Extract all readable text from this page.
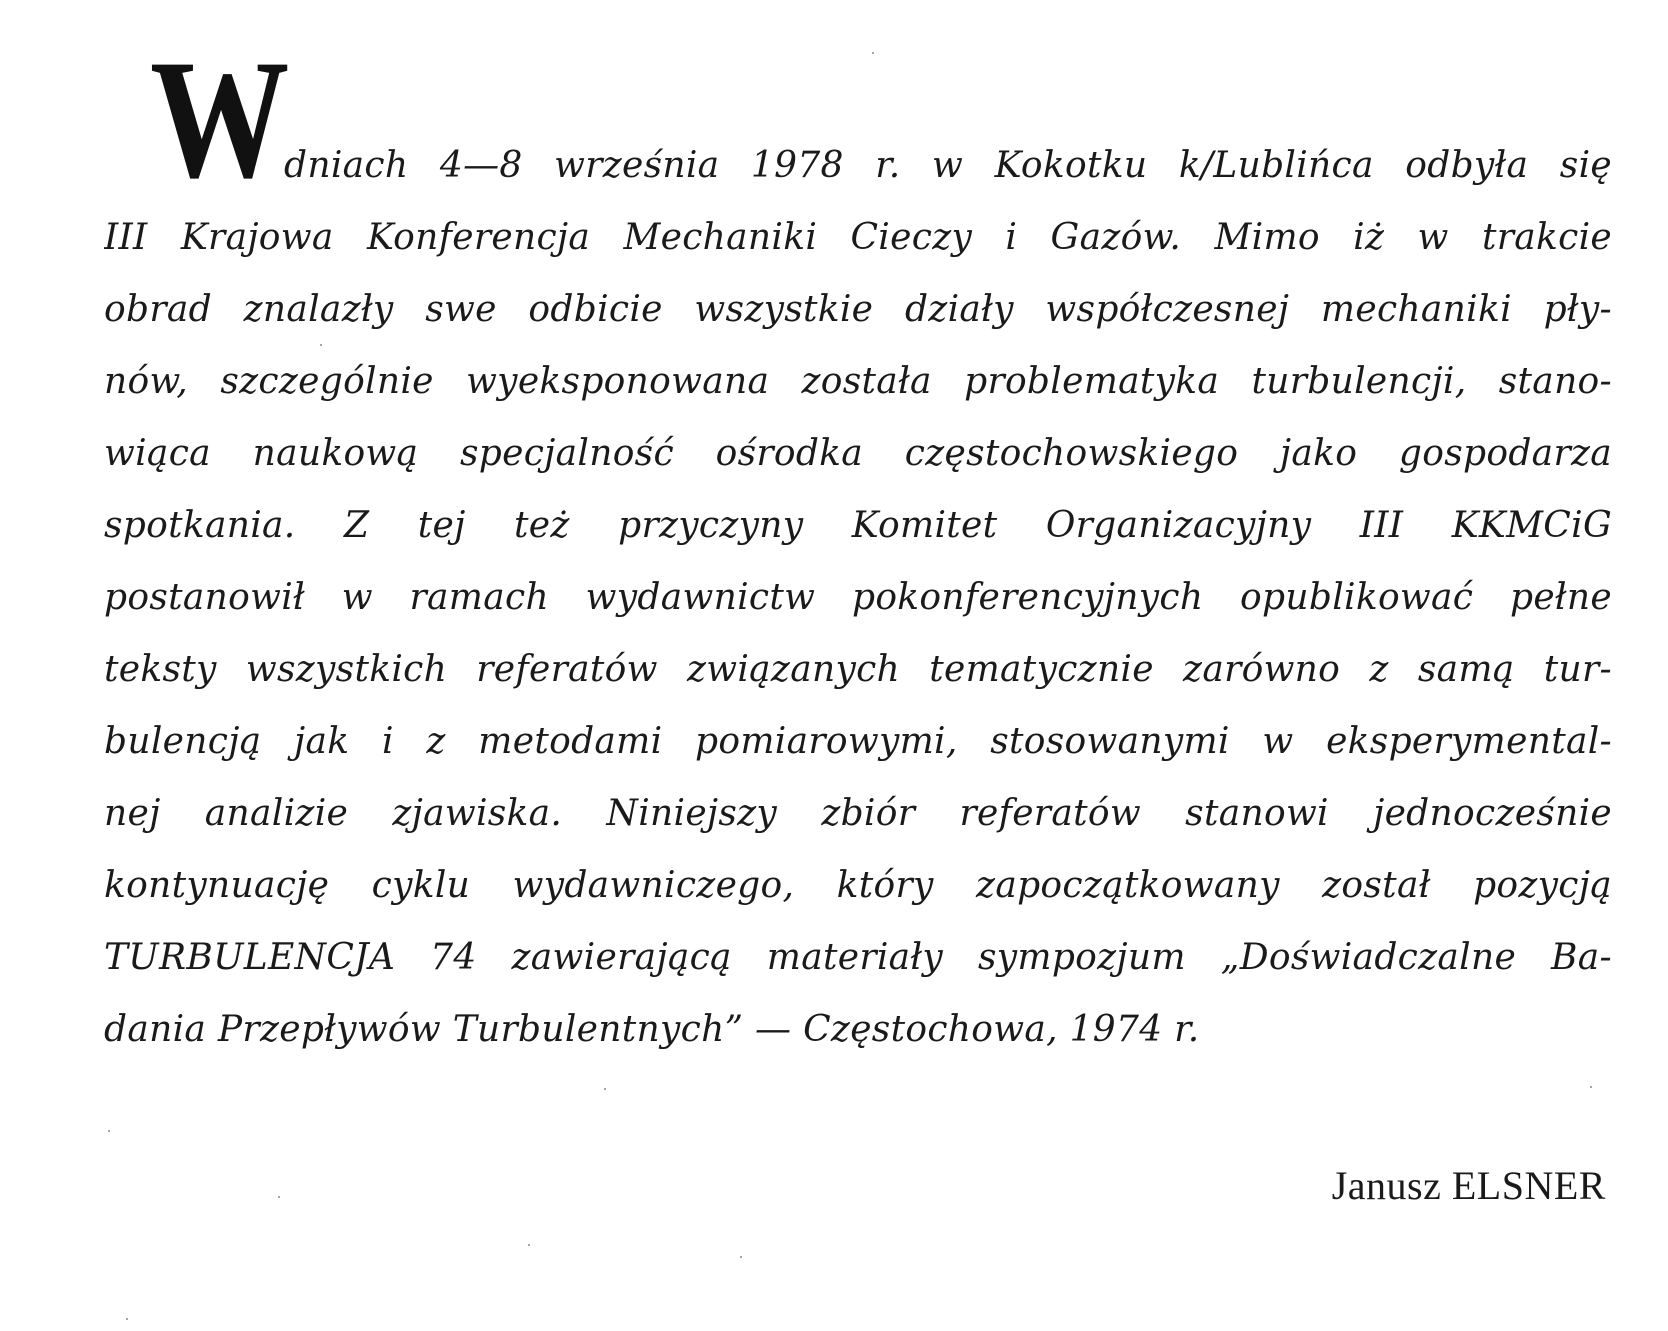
W
dniach 4—8 września 1978 r. w Kokotku k/Lublińca odbyła się
III Krajowa Konferencja Mechaniki Cieczy i Gazów. Mimo iż w trakcie
obrad znalazły swe odbicie wszystkie działy współczesnej mechaniki pły-
nów, szczególnie wyeksponowana została problematyka turbulencji, stano-
wiąca naukową specjalność ośrodka częstochowskiego jako gospodarza
spotkania. Z tej też przyczyny Komitet Organizacyjny III KKMCiG
postanowił w ramach wydawnictw pokonferencyjnych opublikować pełne
teksty wszystkich referatów związanych tematycznie zarówno z samą tur-
bulencją jak i z metodami pomiarowymi, stosowanymi w eksperymental-
nej analizie zjawiska. Niniejszy zbiór referatów stanowi jednocześnie
kontynuację cyklu wydawniczego, który zapoczątkowany został pozycją
TURBULENCJA 74 zawierającą materiały sympozjum „Doświadczalne Ba-
dania Przepływów Turbulentnych” — Częstochowa, 1974 r.
Janusz ELSNER
